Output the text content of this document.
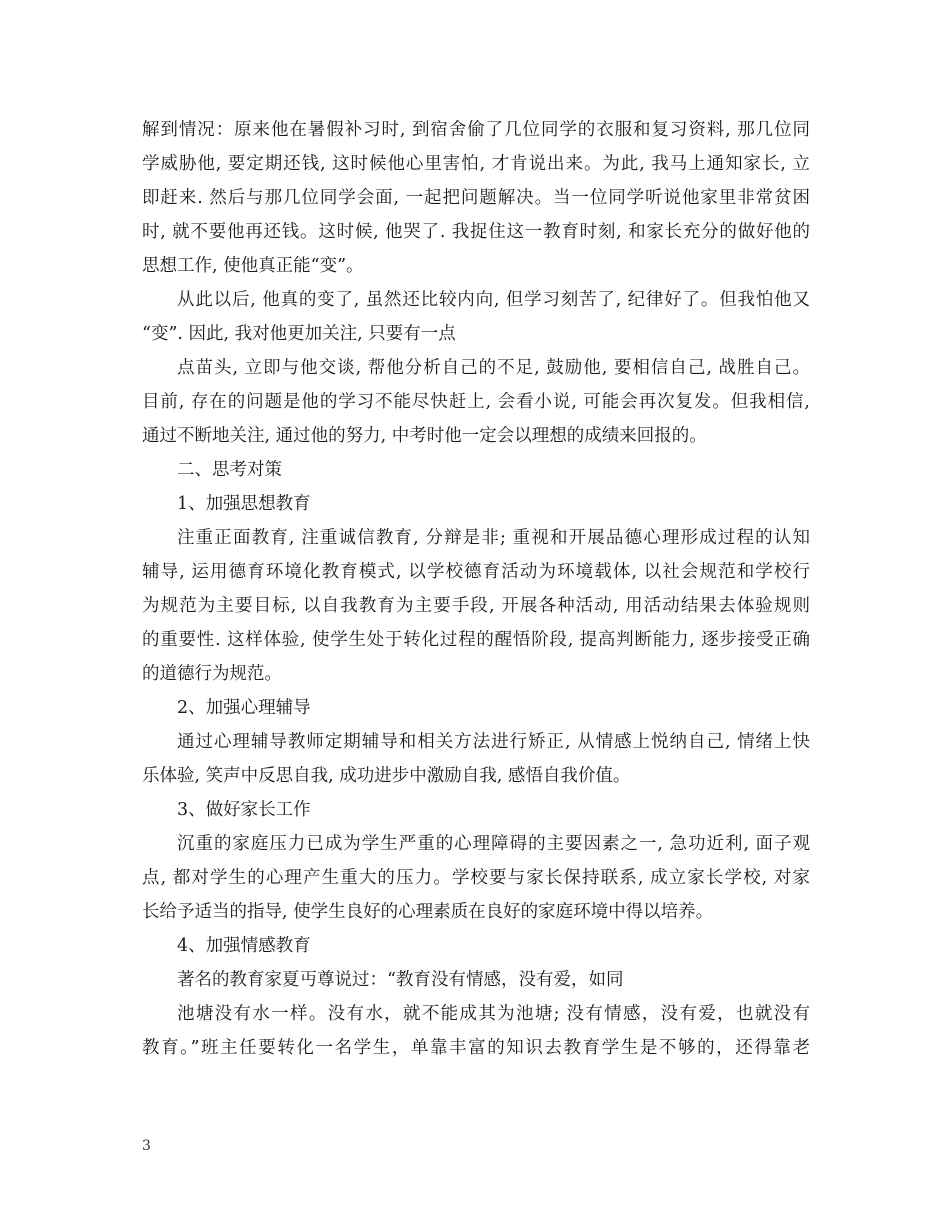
解到情况：原来他在暑假补习时, 到宿舍偷了几位同学的衣服和复习资料, 那几位同
学威胁他, 要定期还钱, 这时候他心里害怕, 才肯说出来。为此, 我马上通知家长, 立
即赶来. 然后与那几位同学会面, 一起把问题解决。当一位同学听说他家里非常贫困
时, 就不要他再还钱。这时候, 他哭了. 我捉住这一教育时刻, 和家长充分的做好他的
思想工作, 使他真正能“变”。
从此以后, 他真的变了, 虽然还比较内向, 但学习刻苦了, 纪律好了。但我怕他又
“变”. 因此, 我对他更加关注, 只要有一点
点苗头, 立即与他交谈, 帮他分析自己的不足, 鼓励他, 要相信自己, 战胜自己。
目前, 存在的问题是他的学习不能尽快赶上, 会看小说, 可能会再次复发。但我相信,
通过不断地关注, 通过他的努力, 中考时他一定会以理想的成绩来回报的。
二、思考对策
1、加强思想教育
注重正面教育, 注重诚信教育, 分辩是非; 重视和开展品德心理形成过程的认知
辅导, 运用德育环境化教育模式, 以学校德育活动为环境载体, 以社会规范和学校行
为规范为主要目标, 以自我教育为主要手段, 开展各种活动, 用活动结果去体验规则
的重要性. 这样体验, 使学生处于转化过程的醒悟阶段, 提高判断能力, 逐步接受正确
的道德行为规范。
2、加强心理辅导
通过心理辅导教师定期辅导和相关方法进行矫正, 从情感上悦纳自己, 情绪上快
乐体验, 笑声中反思自我, 成功进步中激励自我, 感悟自我价值。
3、做好家长工作
沉重的家庭压力已成为学生严重的心理障碍的主要因素之一, 急功近利, 面子观
点, 都对学生的心理产生重大的压力。学校要与家长保持联系, 成立家长学校, 对家
长给予适当的指导, 使学生良好的心理素质在良好的家庭环境中得以培养。
4、加强情感教育
著名的教育家夏丏尊说过：“教育没有情感，没有爱，如同
池塘没有水一样。没有水，就不能成其为池塘; 没有情感，没有爱，也就没有
教育。”班主任要转化一名学生，单靠丰富的知识去教育学生是不够的，还得靠老
3
